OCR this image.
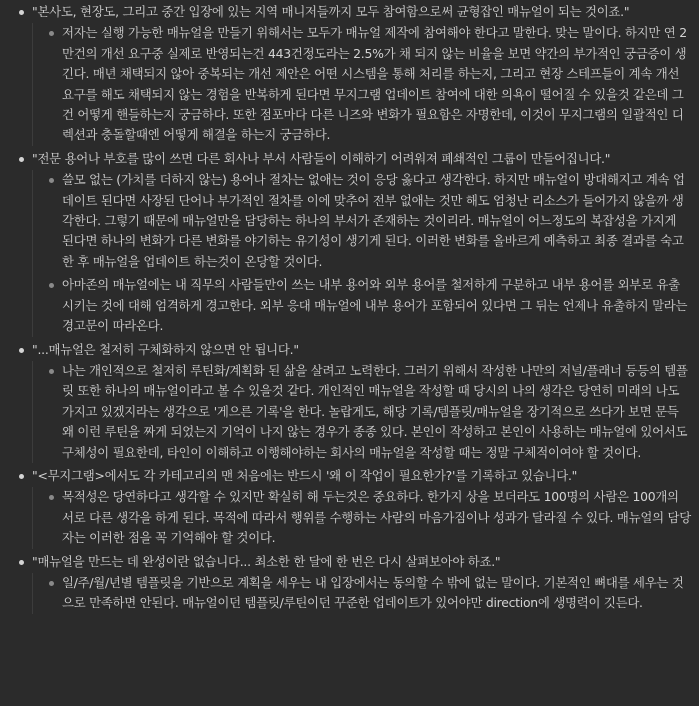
"본사도, 현장도, 그리고 중간 입장에 있는 지역 매니저들까지 모두 참여함으로써 균형잡인 매뉴얼이 되는 것이죠."
저자는 실행 가능한 매뉴얼을 만들기 위해서는 모두가 매뉴얼 제작에 참여해야 한다고 말한다. 맞는 말이다. 하지만 연 2만건의 개선 요구중 실제로 반영되는건 443건정도라는 2.5%가 채 되지 않는 비율을 보면 약간의 부가적인 궁금증이 생긴다. 매년 채택되지 않아 중복되는 개선 제안은 어떤 시스템을 통해 처리를 하는지, 그리고 현장 스테프들이 계속 개선 요구를 해도 채택되지 않는 경험을 반복하게 된다면 무지그램 업데이트 참여에 대한 의욕이 떨어질 수 있을것 같은데 그건 어떻게 핸들하는지 궁금하다. 또한 점포마다 다른 니즈와 변화가 필요함은 자명한데, 이것이 무지그램의 일괄적인 디렉션과 충돌할때엔 어떻게 해결을 하는지 궁금하다.
"전문 용어나 부호를 많이 쓰면 다른 회사나 부서 사람들이 이해하기 어려워져 폐쇄적인 그룹이 만들어집니다."
쓸모 없는 (가치를 더하지 않는) 용어나 절차는 없애는 것이 응당 옳다고 생각한다. 하지만 매뉴얼이 방대해지고 계속 업데이트 된다면 사장된 단어나 부가적인 절차를 이에 맞추어 전부 없애는 것만 해도 엄청난 리소스가 들어가지 않을까 생각한다. 그렇기 때문에 매뉴얼만을 담당하는 하나의 부서가 존재하는 것이리라. 매뉴얼이 어느정도의 복잡성을 가지게 된다면 하나의 변화가 다른 변화를 야기하는 유기성이 생기게 된다. 이러한 변화를 올바르게 예측하고 최종 결과를 숙고한 후 매뉴얼을 업데이트 하는것이 온당할 것이다.
아마존의 매뉴얼에는 내 직무의 사람들만이 쓰는 내부 용어와 외부 용어를 철저하게 구분하고 내부 용어를 외부로 유출시키는 것에 대해 엄격하게 경고한다. 외부 응대 매뉴얼에 내부 용어가 포함되어 있다면 그 뒤는 언제나 유출하지 말라는 경고문이 따라온다.
"...매뉴얼은 철저히 구체화하지 않으면 안 됩니다."
나는 개인적으로 철저히 루틴화/계획화 된 삶을 살려고 노력한다. 그러기 위해서 작성한 나만의 저널/플래너 등등의 템플릿 또한 하나의 매뉴얼이라고 볼 수 있을것 같다. 개인적인 매뉴얼을 작성할 때 당시의 나의 생각은 당연히 미래의 나도 가지고 있겠지라는 생각으로 '게으른 기록'을 한다. 놀랍게도, 해당 기록/템플릿/매뉴얼을 장기적으로 쓰다가 보면 문득 왜 이런 루틴을 짜게 되었는지 기억이 나지 않는 경우가 종종 있다. 본인이 작성하고 본인이 사용하는 매뉴얼에 있어서도 구체성이 필요한데, 타인이 이해하고 이행해야하는 회사의 매뉴얼을 작성할 때는 정말 구체적이여야 할 것이다.
"<무지그램>에서도 각 카테고리의 맨 처음에는 반드시 '왜 이 작업이 필요한가?'를 기록하고 있습니다."
목적성은 당연하다고 생각할 수 있지만 확실히 해 두는것은 중요하다. 한가지 상을 보더라도 100명의 사람은 100개의 서로 다른 생각을 하게 된다. 목적에 따라서 행위를 수행하는 사람의 마음가짐이나 성과가 달라질 수 있다. 매뉴얼의 담당자는 이러한 점을 꼭 기억해야 할 것이다.
"매뉴얼을 만드는 데 완성이란 없습니다... 최소한 한 달에 한 번은 다시 살펴보아야 하죠."
일/주/월/년별 템플릿을 기반으로 계획을 세우는 내 입장에서는 동의할 수 밖에 없는 말이다. 기본적인 뼈대를 세우는 것으로 만족하면 안된다. 매뉴얼이던 템플릿/루틴이던 꾸준한 업데이트가 있어야만 direction에 생명력이 깃든다.
